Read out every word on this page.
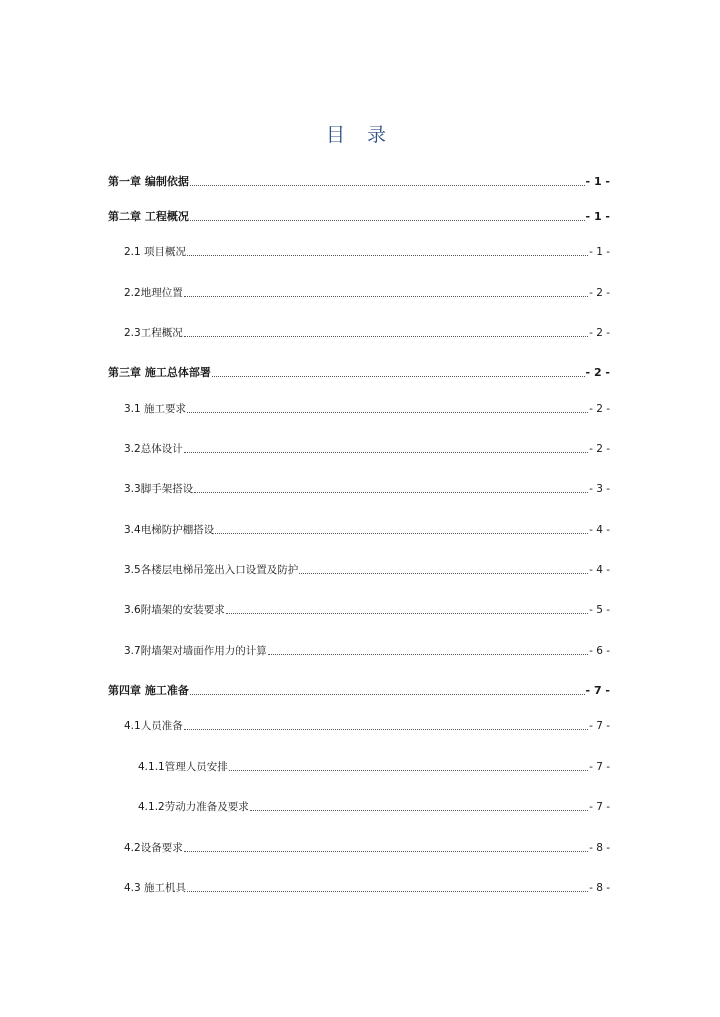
目 录
第一章 编制依据	- 1 -
第二章 工程概况	- 1 -
2.1 项目概况	- 1 -
2.2地理位置	- 2 -
2.3工程概况	- 2 -
第三章 施工总体部署	- 2 -
3.1 施工要求	- 2 -
3.2总体设计	- 2 -
3.3脚手架搭设	- 3 -
3.4电梯防护棚搭设	- 4 -
3.5各楼层电梯吊笼出入口设置及防护	- 4 -
3.6附墙架的安装要求	- 5 -
3.7附墙架对墙面作用力的计算	- 6 -
第四章 施工准备	- 7 -
4.1人员准备	- 7 -
4.1.1管理人员安排	- 7 -
4.1.2劳动力准备及要求	- 7 -
4.2设备要求	- 8 -
4.3 施工机具	- 8 -
